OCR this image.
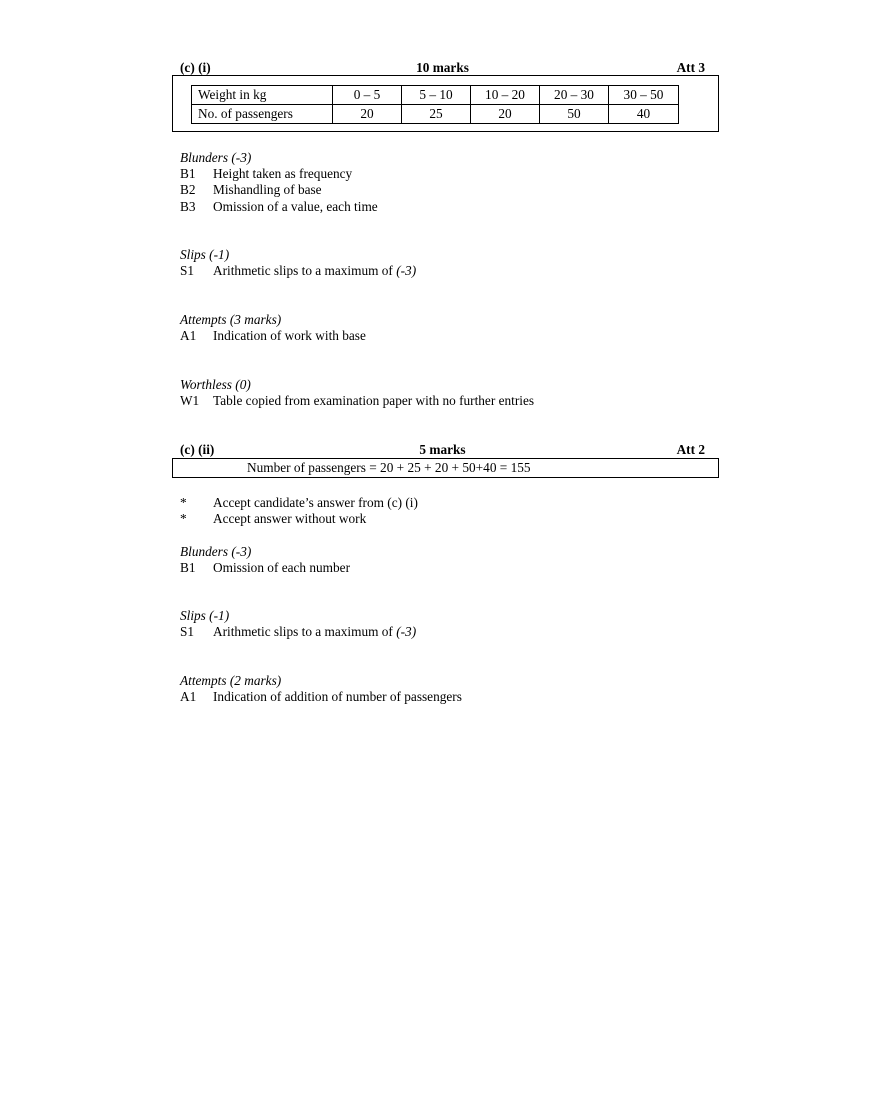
(c) (i)	10 marks	Att 3
Weight in kg	0 – 5	5 – 10	10 – 20	20 – 30	30 – 50
No. of passengers	20	25	20	50	40
Blunders (-3)
B1 Height taken as frequency
B2 Mishandling of base
B3 Omission of a value, each time
Slips (-1)
S1 Arithmetic slips to a maximum of (-3)
Attempts (3 marks)
A1 Indication of work with base
Worthless (0)
W1 Table copied from examination paper with no further entries
(c) (ii)	5 marks	Att 2
Number of passengers = 20 + 25 + 20 + 50+40 = 155
* Accept candidate’s answer from (c) (i)
* Accept answer without work
Blunders (-3)
B1 Omission of each number
Slips (-1)
S1 Arithmetic slips to a maximum of (-3)
Attempts (2 marks)
A1 Indication of addition of number of passengers
